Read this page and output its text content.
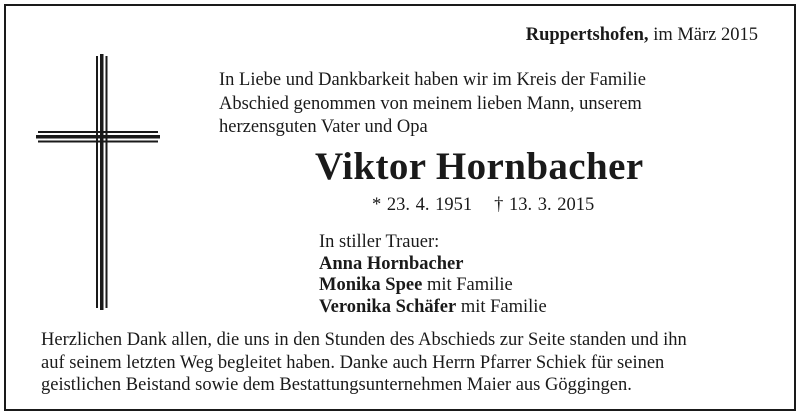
Ruppertshofen, im März 2015
In Liebe und Dankbarkeit haben wir im Kreis der Familie
Abschied genommen von meinem lieben Mann, unserem
herzensguten Vater und Opa
Viktor Hornbacher
* 23. 4. 1951 † 13. 3. 2015
In stiller Trauer:
Anna Hornbacher
Monika Spee mit Familie
Veronika Schäfer mit Familie
Herzlichen Dank allen, die uns in den Stunden des Abschieds zur Seite standen und ihn
auf seinem letzten Weg begleitet haben. Danke auch Herrn Pfarrer Schiek für seinen
geistlichen Beistand sowie dem Bestattungsunternehmen Maier aus Göggingen.
